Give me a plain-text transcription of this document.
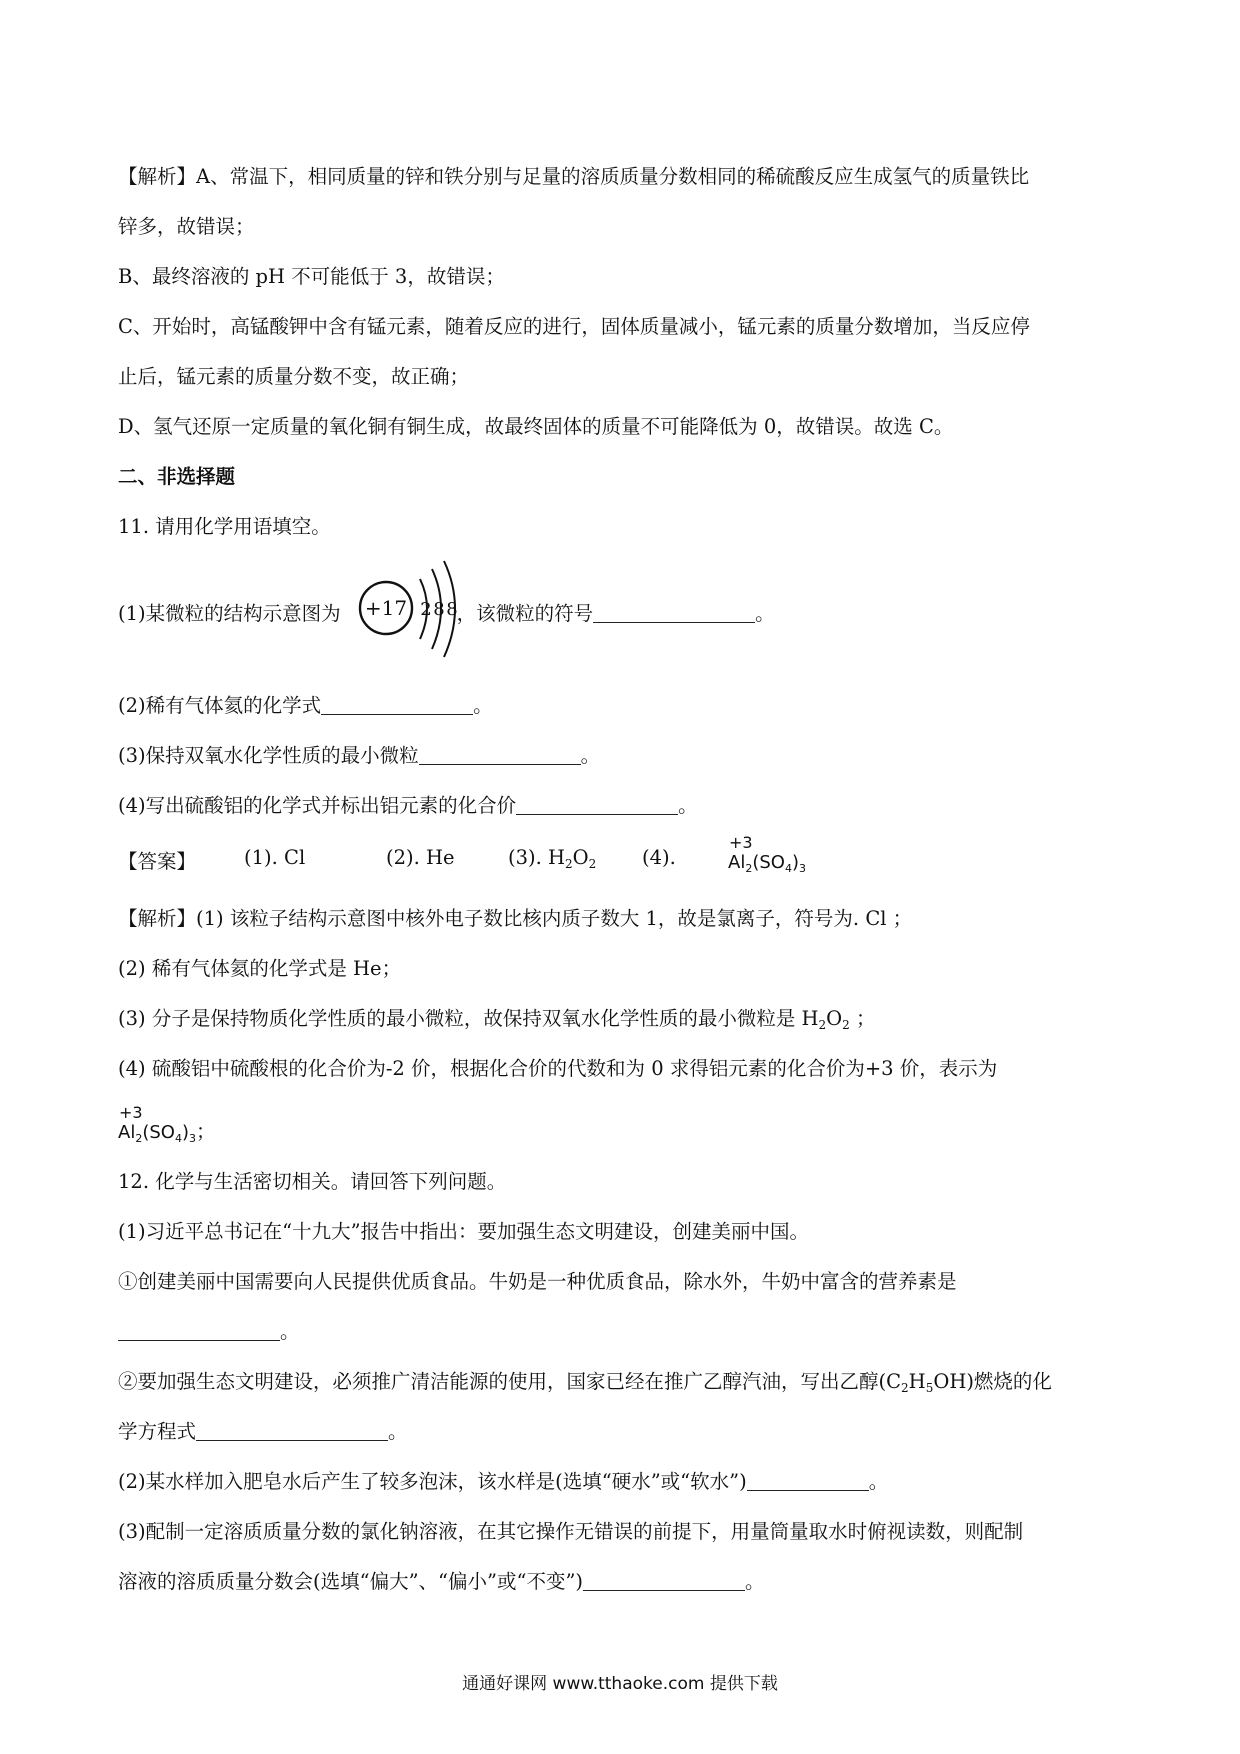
【解析】A、常温下，相同质量的锌和铁分别与足量的溶质质量分数相同的稀硫酸反应生成氢气的质量铁比
锌多，故错误；
B、最终溶液的 pH 不可能低于 3，故错误；
C、开始时，高锰酸钾中含有锰元素，随着反应的进行，固体质量减小，锰元素的质量分数增加，当反应停
止后，锰元素的质量分数不变，故正确；
D、氢气还原一定质量的氧化铜有铜生成，故最终固体的质量不可能降低为 0，故错误。故选 C。
二、非选择题
11. 请用化学用语填空。
(1)某微粒的结构示意图为	，该微粒的符号	。
+17 2 8 8
(2)稀有气体氦的化学式	。
(3)保持双氧水化学性质的最小微粒	。
(4)写出硫酸铝的化学式并标出铝元素的化合价	。
【答案】 (1). Cl	(2). He	(3). $H_2O_2$ (4).
+3
$Al_2(SO_4)_3$
【解析】(1) 该粒子结构示意图中核外电子数比核内质子数大 1，故是氯离子，符号为. Cl ；
(2) 稀有气体氦的化学式是 He；
(3) 分子是保持物质化学性质的最小微粒，故保持双氧水化学性质的最小微粒是 $H_2O_2$ ；
(4) 硫酸铝中硫酸根的化合价为-2 价，根据化合价的代数和为 0 求得铝元素的化合价为+3 价，表示为
+3
$Al_2(SO_4)_3$；
12. 化学与生活密切相关。请回答下列问题。
(1)习近平总书记在“十九大”报告中指出：要加强生态文明建设，创建美丽中国。
①创建美丽中国需要向人民提供优质食品。牛奶是一种优质食品，除水外，牛奶中富含的营养素是
。
②要加强生态文明建设，必须推广清洁能源的使用，国家已经在推广乙醇汽油，写出乙醇$(C_2H_5OH)$燃烧的化
学方程式	。
(2)某水样加入肥皂水后产生了较多泡沫，该水样是(选填“硬水”或“软水”)	。
(3)配制一定溶质质量分数的氯化钠溶液，在其它操作无错误的前提下，用量筒量取水时俯视读数，则配制
溶液的溶质质量分数会(选填“偏大”、“偏小”或“不变”)	。
通通好课网 www.tthaoke.com 提供下载
